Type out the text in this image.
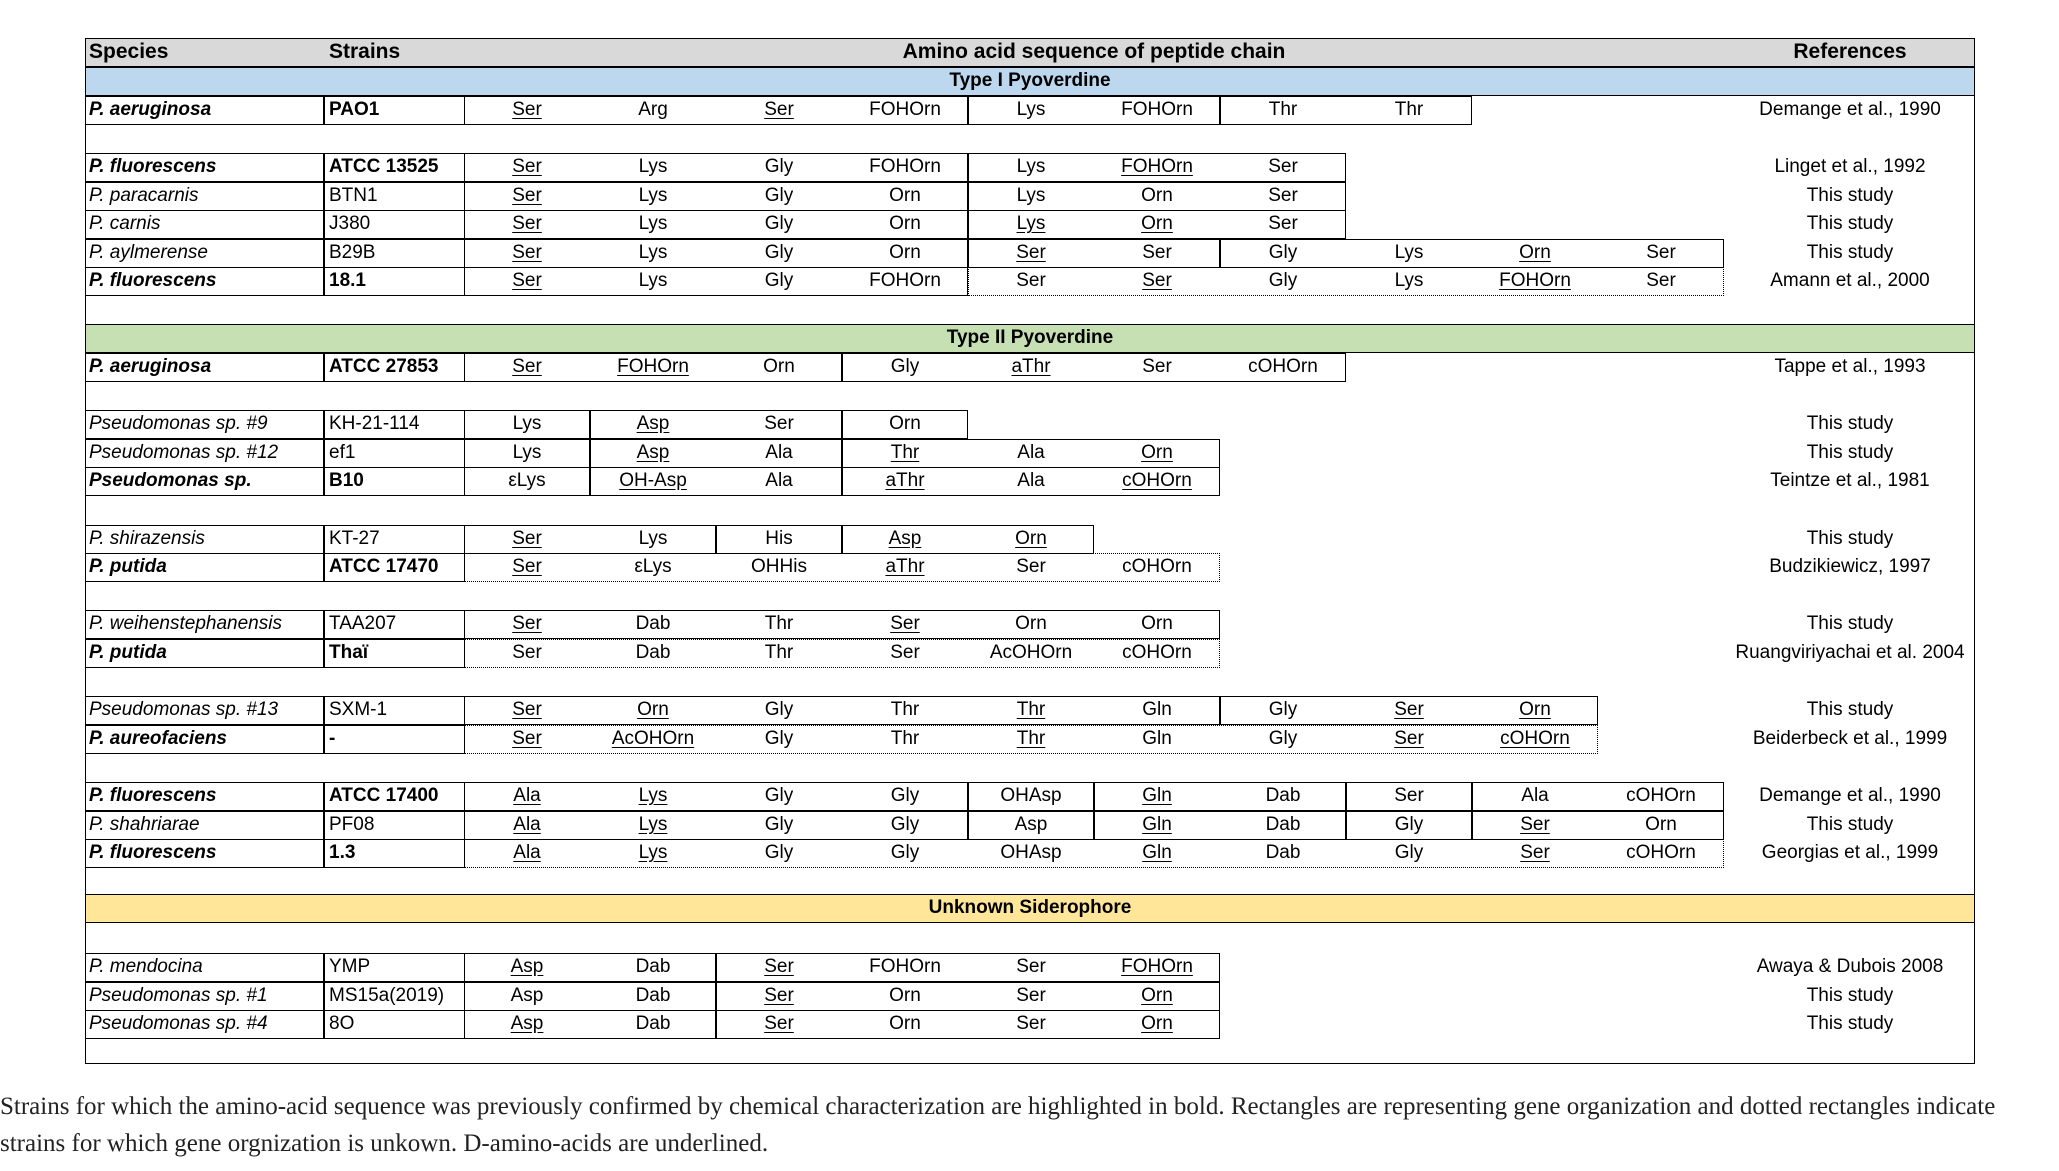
Species	Strains	Amino acid sequence of peptide chain	References
Type I Pyoverdine
Type II Pyoverdine
Unknown Siderophore
P. aeruginosa	PAO1	Ser	Arg	Ser	FOHOrn	Lys	FOHOrn	Thr	Thr	Demange et al., 1990
P. fluorescens	ATCC 13525	Ser	Lys	Gly	FOHOrn	Lys	FOHOrn	Ser	Linget et al., 1992
P. paracarnis	BTN1	Ser	Lys	Gly	Orn	Lys	Orn	Ser	This study
P. carnis	J380	Ser	Lys	Gly	Orn	Lys	Orn	Ser	This study
P. aylmerense	B29B	Ser	Lys	Gly	Orn	Ser	Ser	Gly	Lys	Orn	Ser	This study
P. fluorescens	18.1	Ser	Lys	Gly	FOHOrn	Ser	Ser	Gly	Lys	FOHOrn	Ser	Amann et al., 2000
P. aeruginosa	ATCC 27853	Ser	FOHOrn	Orn	Gly	aThr	Ser	cOHOrn	Tappe et al., 1993
Pseudomonas sp. #9	KH-21-114	Lys	Asp	Ser	Orn	This study
Pseudomonas sp. #12	ef1	Lys	Asp	Ala	Thr	Ala	Orn	This study
Pseudomonas sp.	B10	εLys	OH-Asp	Ala	aThr	Ala	cOHOrn	Teintze et al., 1981
P. shirazensis	KT-27	Ser	Lys	His	Asp	Orn	This study
P. putida	ATCC 17470	Ser	εLys	OHHis	aThr	Ser	cOHOrn	Budzikiewicz, 1997
P. weihenstephanensis TAA207	Ser	Dab	Thr	Ser	Orn	Orn	This study
P. putida	Thaï	Ser	Dab	Thr	Ser	AcOHOrn	cOHOrn	Ruangviriyachai et al. 2004
Pseudomonas sp. #13	SXM-1	Ser	Orn	Gly	Thr	Thr	Gln	Gly	Ser	Orn	This study
P. aureofaciens	-	Ser	AcOHOrn	Gly	Thr	Thr	Gln	Gly	Ser	cOHOrn	Beiderbeck et al., 1999
P. fluorescens	ATCC 17400	Ala	Lys	Gly	Gly	OHAsp	Gln	Dab	Ser	Ala	cOHOrn	Demange et al., 1990
P. shahriarae	PF08	Ala	Lys	Gly	Gly	Asp	Gln	Dab	Gly	Ser	Orn	This study
P. fluorescens	1.3	Ala	Lys	Gly	Gly	OHAsp	Gln	Dab	Gly	Ser	cOHOrn	Georgias et al., 1999
P. mendocina	YMP	Asp	Dab	Ser	FOHOrn	Ser	FOHOrn	Awaya & Dubois 2008
Pseudomonas sp. #1	MS15a(2019)	Asp	Dab	Ser	Orn	Ser	Orn	This study
Pseudomonas sp. #4	8O	Asp	Dab	Ser	Orn	Ser	Orn	This study
Strains for which the amino-acid sequence was previously confirmed by chemical characterization are highlighted in bold. Rectangles are representing gene organization and dotted rectangles indicate strains for which gene orgnization is unkown. D-amino-acids are underlined.
